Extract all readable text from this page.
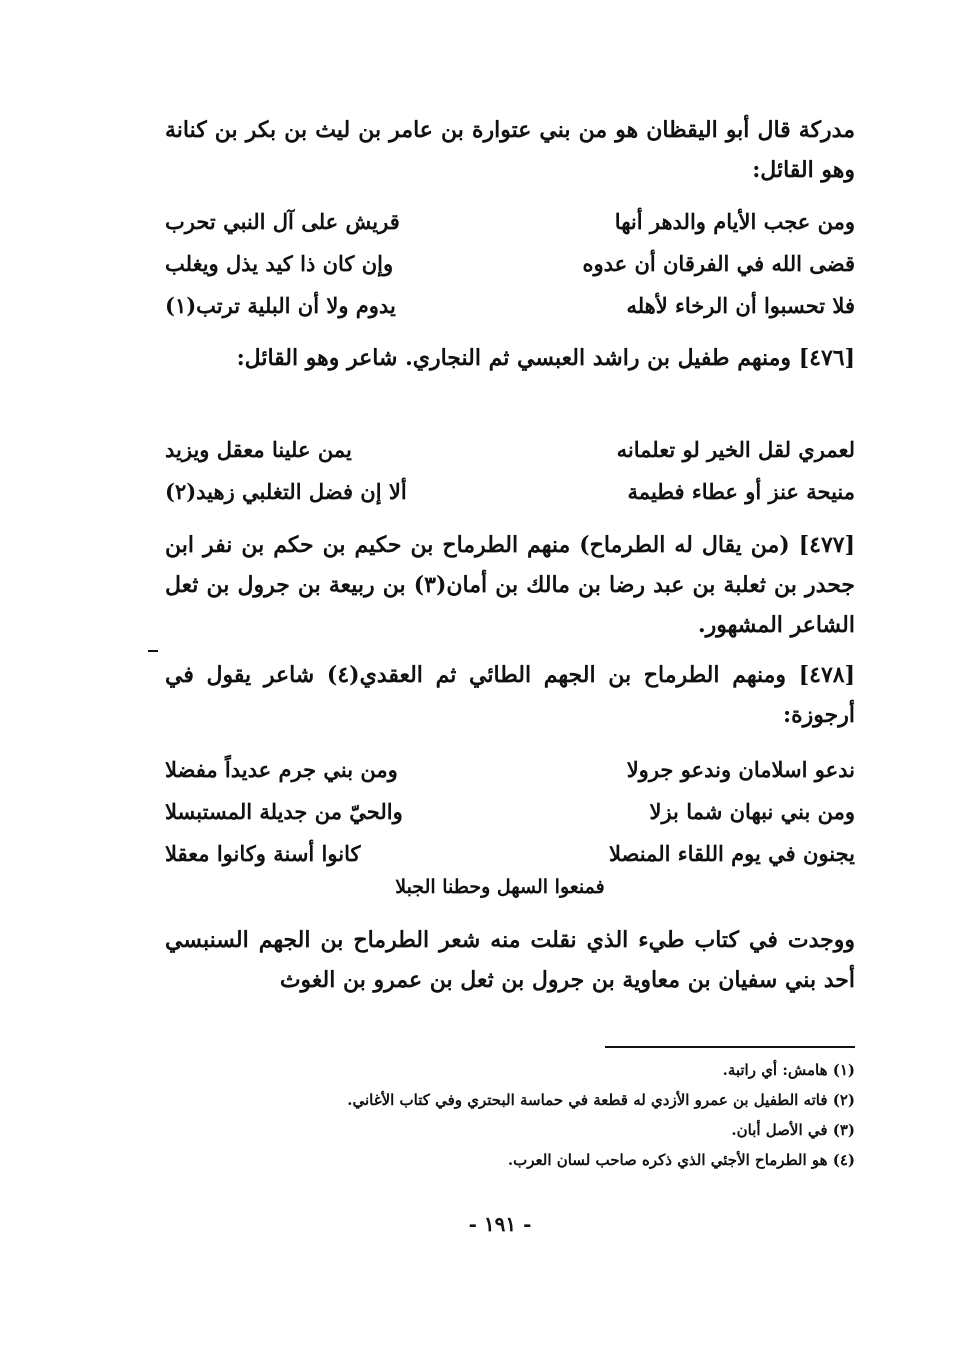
مدركة قال أبو اليقظان هو من بني عتوارة بن عامر بن ليث بن بكر بن كنانة وهو القائل:

ومن عجب الأيام والدهر أنها
قريش على آل النبي تحرب
قضى الله في الفرقان أن عدوه
وإن كان ذا كيد يذل ويغلب
فلا تحسبوا أن الرخاء لأهله
يدوم ولا أن البلية ترتب(١)

[٤٧٦] ومنهم طفيل بن راشد العبسي ثم النجاري. شاعر وهو القائل:

لعمري لقل الخير لو تعلمانه
يمن علينا معقل ويزيد
منيحة عنز أو عطاء فطيمة
ألا إن فضل التغلبي زهيد(٢)

[٤٧٧] (من يقال له الطرماح) منهم الطرماح بن حكيم بن حكم بن نفر ابن جحدر بن ثعلبة بن عبد رضا بن مالك بن أمان(٣) بن ربيعة بن جرول بن ثعل الشاعر المشهور.

[٤٧٨] ومنهم الطرماح بن الجهم الطائي ثم العقدي(٤) شاعر يقول في أرجوزة:

ندعو اسلامان وندعو جرولا
ومن بني جرم عديداً مفضلا
ومن بني نبهان شما بزلا
والحيّ من جديلة المستبسلا
يجنون في يوم اللقاء المنصلا
كانوا أسنة وكانوا معقلا
فمنعوا السهل وحطنا الجبلا

ووجدت في كتاب طيء الذي نقلت منه شعر الطرماح بن الجهم السنبسي أحد بني سفيان بن معاوية بن جرول بن ثعل بن عمرو بن الغوث

(١) هامش: أي راتبة.
(٢) فاته الطفيل بن عمرو الأزدي له قطعة في حماسة البحتري وفي كتاب الأغاني.
(٣) في الأصل أبان.
(٤) هو الطرماح الأجئي الذي ذكره صاحب لسان العرب.
- ١٩١ -
